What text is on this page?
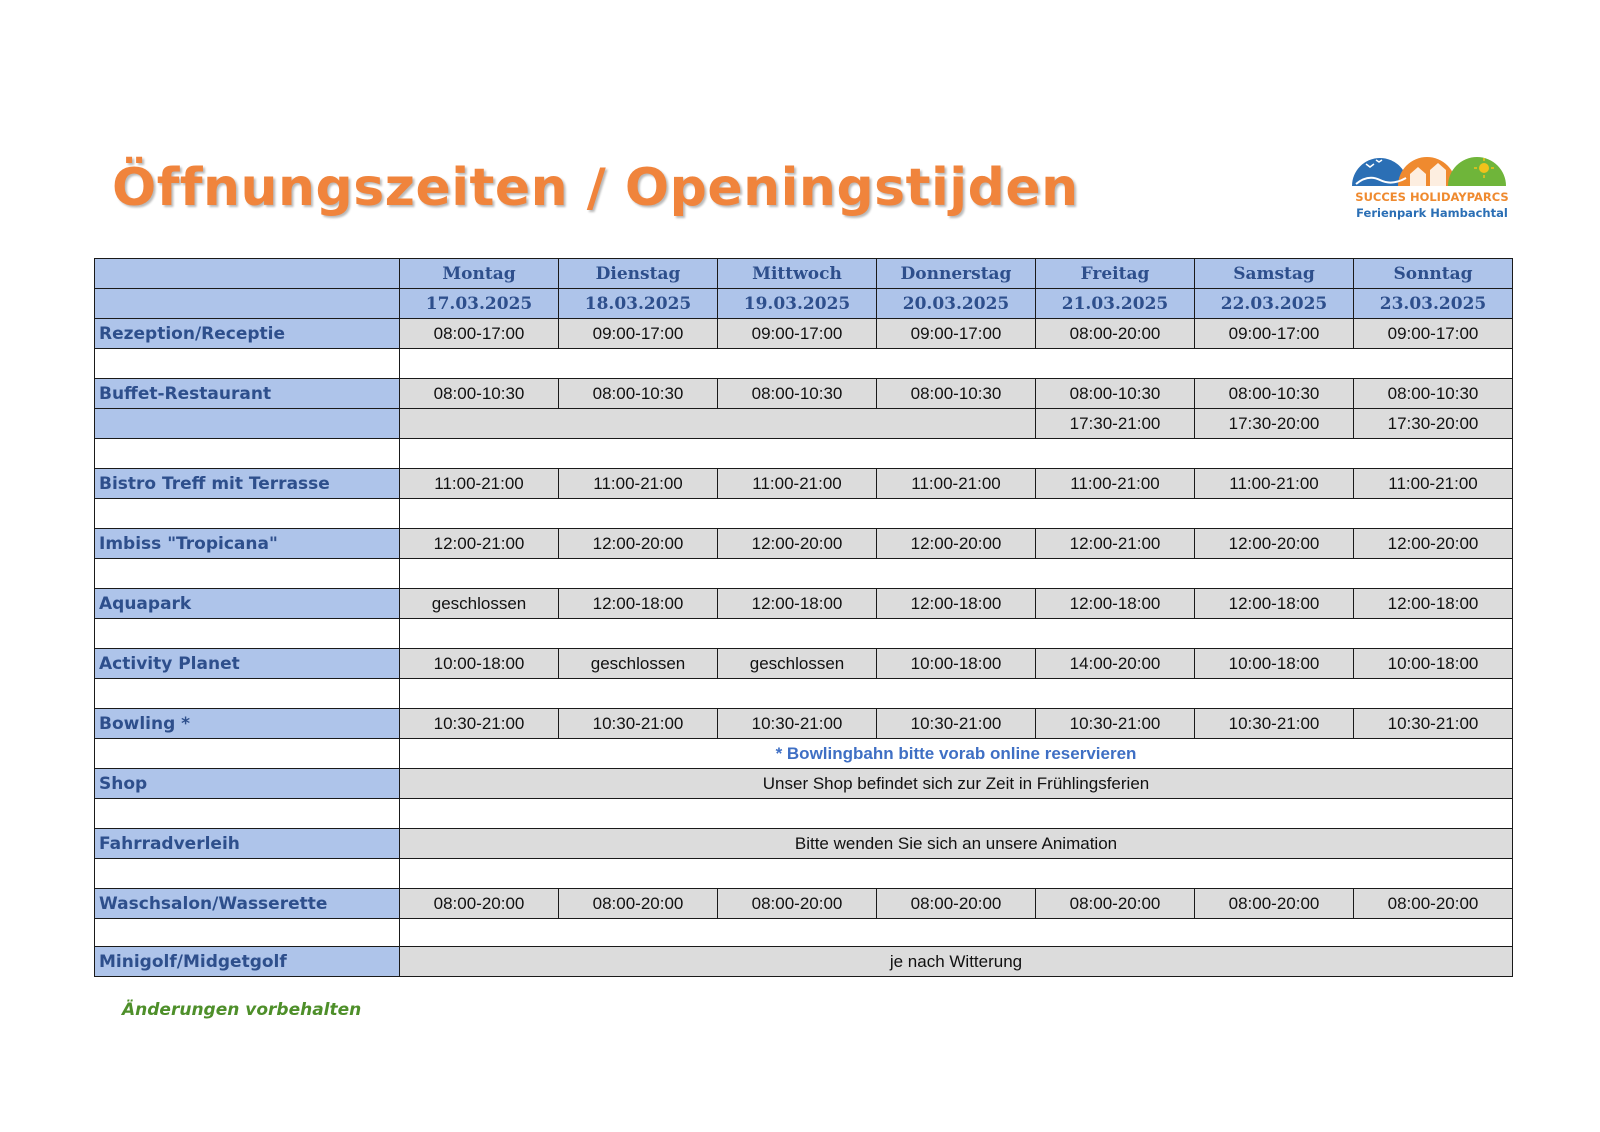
Öffnungszeiten / Openingstijden	SUCCES HOLIDAYPARCS
Ferienpark Hambachtal
	Montag	Dienstag	Mittwoch	Donnerstag	Freitag	Samstag	Sonntag
	17.03.2025	18.03.2025	19.03.2025	20.03.2025	21.03.2025	22.03.2025	23.03.2025
Rezeption/Receptie	08:00-17:00	09:00-17:00	09:00-17:00	09:00-17:00	08:00-20:00	09:00-17:00	09:00-17:00

Buffet-Restaurant	08:00-10:30	08:00-10:30	08:00-10:30	08:00-10:30	08:00-10:30	08:00-10:30	08:00-10:30
					17:30-21:00	17:30-20:00	17:30-20:00

Bistro Treff mit Terrasse	11:00-21:00	11:00-21:00	11:00-21:00	11:00-21:00	11:00-21:00	11:00-21:00	11:00-21:00

Imbiss "Tropicana"	12:00-21:00	12:00-20:00	12:00-20:00	12:00-20:00	12:00-21:00	12:00-20:00	12:00-20:00

Aquapark	geschlossen	12:00-18:00	12:00-18:00	12:00-18:00	12:00-18:00	12:00-18:00	12:00-18:00

Activity Planet	10:00-18:00	geschlossen	geschlossen	10:00-18:00	14:00-20:00	10:00-18:00	10:00-18:00

Bowling *	10:30-21:00	10:30-21:00	10:30-21:00	10:30-21:00	10:30-21:00	10:30-21:00	10:30-21:00
	* Bowlingbahn bitte vorab online reservieren						
Shop	Unser Shop befindet sich zur Zeit in Frühlingsferien						

Fahrradverleih	Bitte wenden Sie sich an unsere Animation						

Waschsalon/Wasserette	08:00-20:00	08:00-20:00	08:00-20:00	08:00-20:00	08:00-20:00	08:00-20:00	08:00-20:00

Minigolf/Midgetgolf	je nach Witterung						
Änderungen vorbehalten
